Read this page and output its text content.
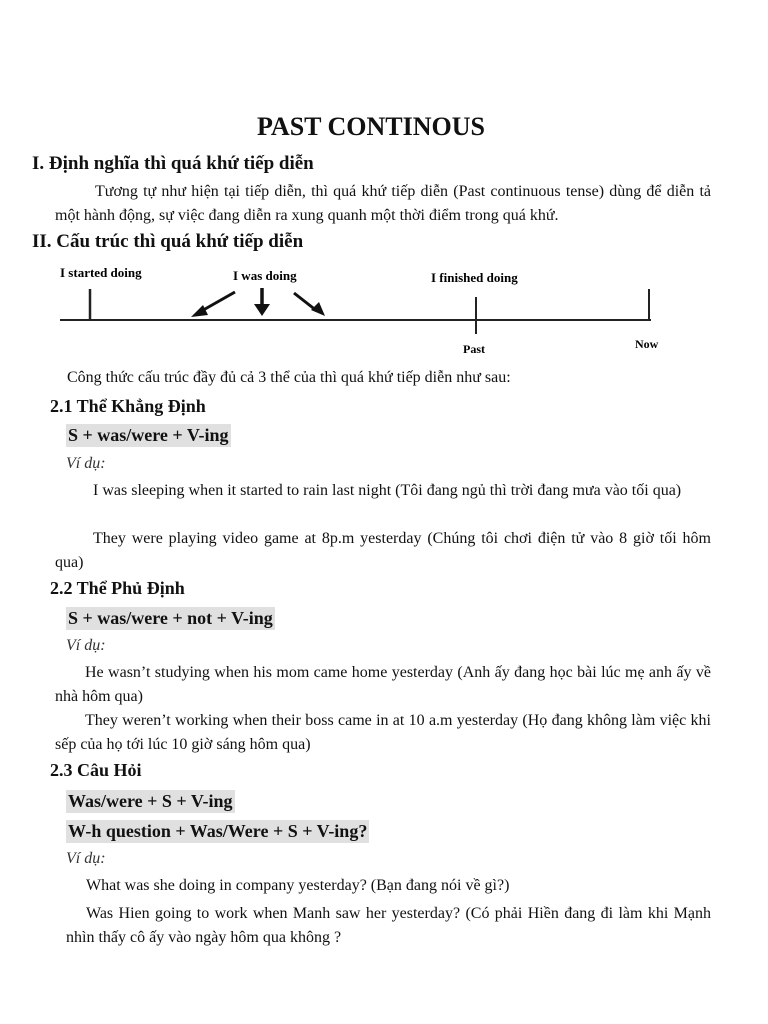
PAST CONTINOUS
I. Định nghĩa thì quá khứ tiếp diễn

Tương tự như hiện tại tiếp diễn, thì quá khứ tiếp diễn (Past continuous tense) dùng để diễn tả một hành động, sự việc đang diễn ra xung quanh một thời điểm trong quá khứ.

II. Cấu trúc thì quá khứ tiếp diễn
I started doing	I was doing	I finished doing
Past	Now

Công thức cấu trúc đầy đủ cả 3 thể của thì quá khứ tiếp diễn như sau:

2.1 Thể Khẳng Định
S + was/were + V-ing
Ví dụ:

I was sleeping when it started to rain last night (Tôi đang ngủ thì trời đang mưa vào tối qua)

They were playing video game at 8p.m yesterday (Chúng tôi chơi điện tử vào 8 giờ tối hôm qua)

2.2 Thể Phủ Định
S + was/were + not + V-ing
Ví dụ:

He wasn’t studying when his mom came home yesterday (Anh ấy đang học bài lúc mẹ anh ấy về nhà hôm qua)

They weren’t working when their boss came in at 10 a.m yesterday (Họ đang không làm việc khi sếp của họ tới lúc 10 giờ sáng hôm qua)

2.3 Câu Hỏi
Was/were + S + V-ing
W-h question + Was/Were + S + V-ing?
Ví dụ:

What was she doing in company yesterday? (Bạn đang nói về gì?)

Was Hien going to work when Manh saw her yesterday? (Có phải Hiền đang đi làm khi Mạnh nhìn thấy cô ấy vào ngày hôm qua không ?
